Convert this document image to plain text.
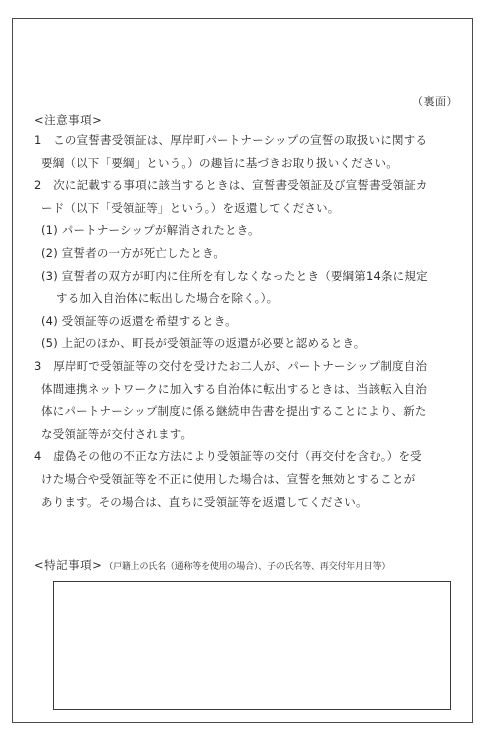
（裏面）
<注意事項>
1　この宣誓書受領証は、厚岸町パートナーシップの宣誓の取扱いに関する
要綱（以下「要綱」という。）の趣旨に基づきお取り扱いください。
2　次に記載する事項に該当するときは、宣誓書受領証及び宣誓書受領証カ
ード（以下「受領証等」という。）を返還してください。
(1) パートナーシップが解消されたとき。
(2) 宣誓者の一方が死亡したとき。
(3) 宣誓者の双方が町内に住所を有しなくなったとき（要綱第14条に規定
する加入自治体に転出した場合を除く。）。
(4) 受領証等の返還を希望するとき。
(5) 上記のほか、町長が受領証等の返還が必要と認めるとき。
3　厚岸町で受領証等の交付を受けたお二人が、パートナーシップ制度自治
体間連携ネットワークに加入する自治体に転出するときは、当該転入自治
体にパートナーシップ制度に係る継続申告書を提出することにより、新た
な受領証等が交付されます。
4　虚偽その他の不正な方法により受領証等の交付（再交付を含む。）を受
けた場合や受領証等を不正に使用した場合は、宣誓を無効とすることが
あります。その場合は、直ちに受領証等を返還してください。
<特記事項> （戸籍上の氏名（通称等を使用の場合）、子の氏名等、再交付年月日等）
